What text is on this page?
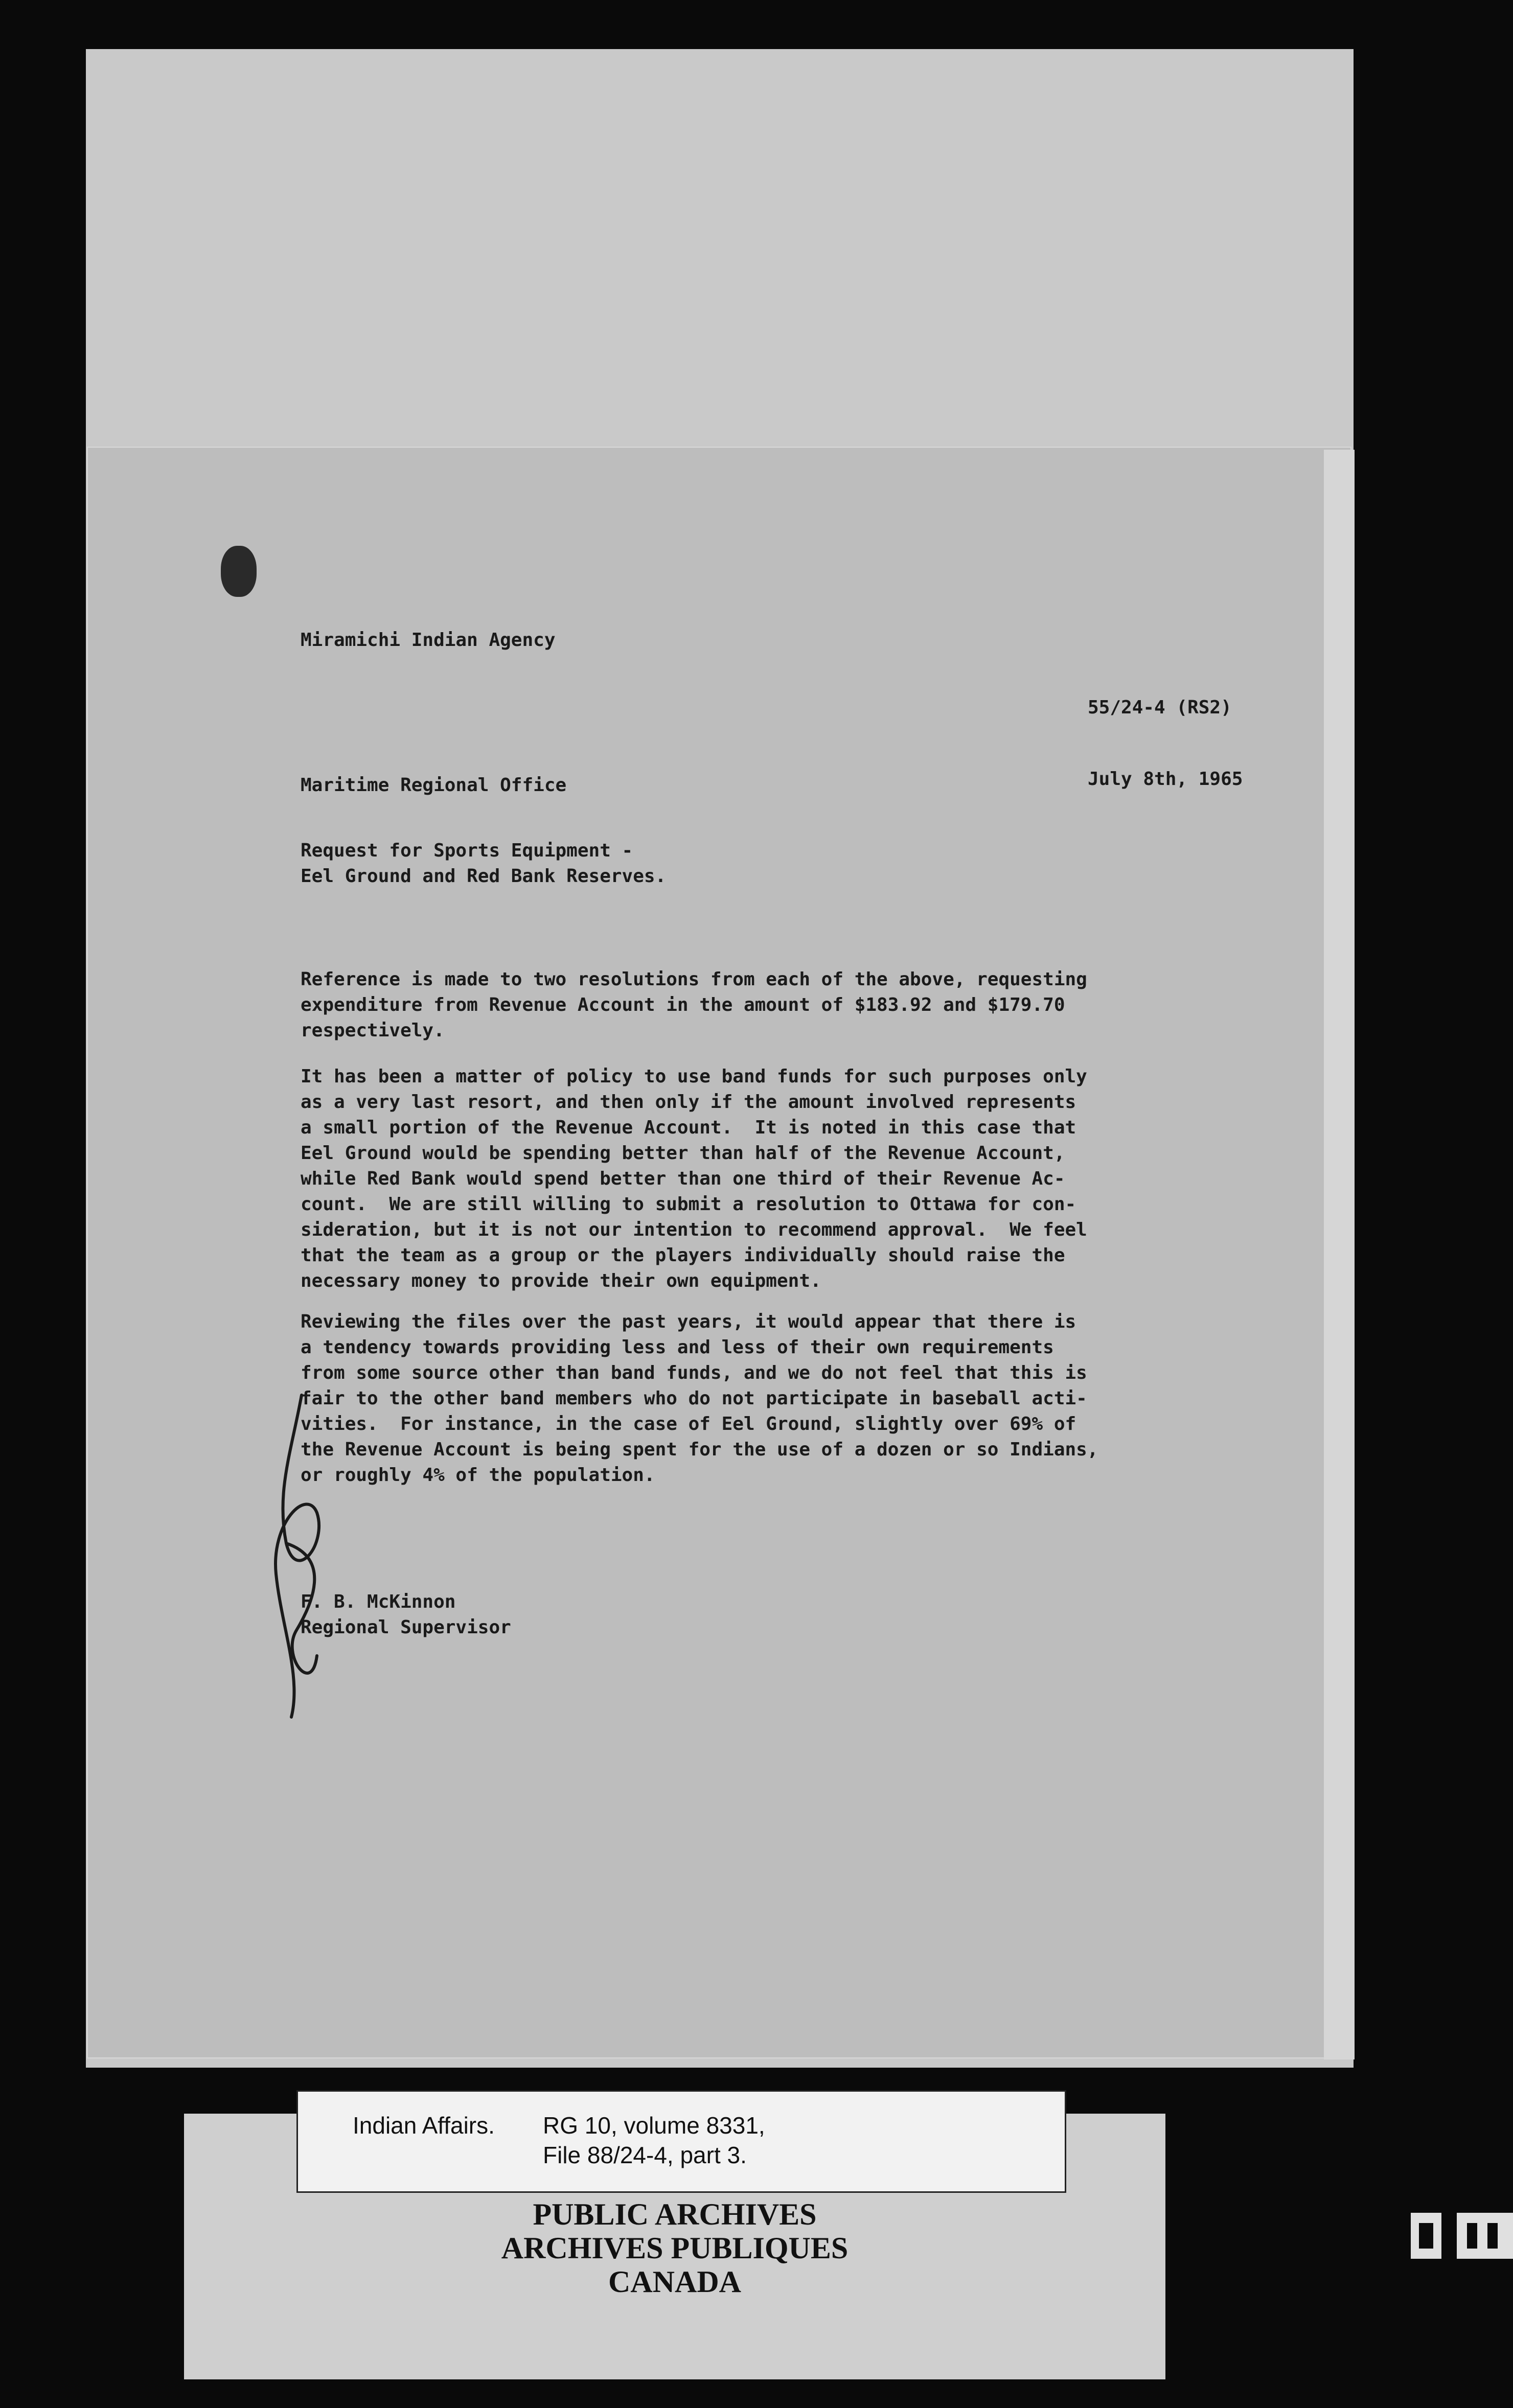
Miramichi Indian Agency
55/24-4 (RS2)
Maritime Regional Office	July 8th, 1965
Request for Sports Equipment -
Eel Ground and Red Bank Reserves.
Reference is made to two resolutions from each of the above, requesting
expenditure from Revenue Account in the amount of $183.92 and $179.70
respectively.
It has been a matter of policy to use band funds for such purposes only
as a very last resort, and then only if the amount involved represents
a small portion of the Revenue Account.  It is noted in this case that
Eel Ground would be spending better than half of the Revenue Account,
while Red Bank would spend better than one third of their Revenue Ac-
count.  We are still willing to submit a resolution to Ottawa for con-
sideration, but it is not our intention to recommend approval.  We feel
that the team as a group or the players individually should raise the
necessary money to provide their own equipment.
Reviewing the files over the past years, it would appear that there is
a tendency towards providing less and less of their own requirements
from some source other than band funds, and we do not feel that this is
fair to the other band members who do not participate in baseball acti-
vities.  For instance, in the case of Eel Ground, slightly over 69% of
the Revenue Account is being spent for the use of a dozen or so Indians,
or roughly 4% of the population.
F. B. McKinnon
Regional Supervisor
Indian Affairs. RG 10, volume 8331,
File 88/24-4, part 3.
PUBLIC ARCHIVES
ARCHIVES PUBLIQUES
CANADA
